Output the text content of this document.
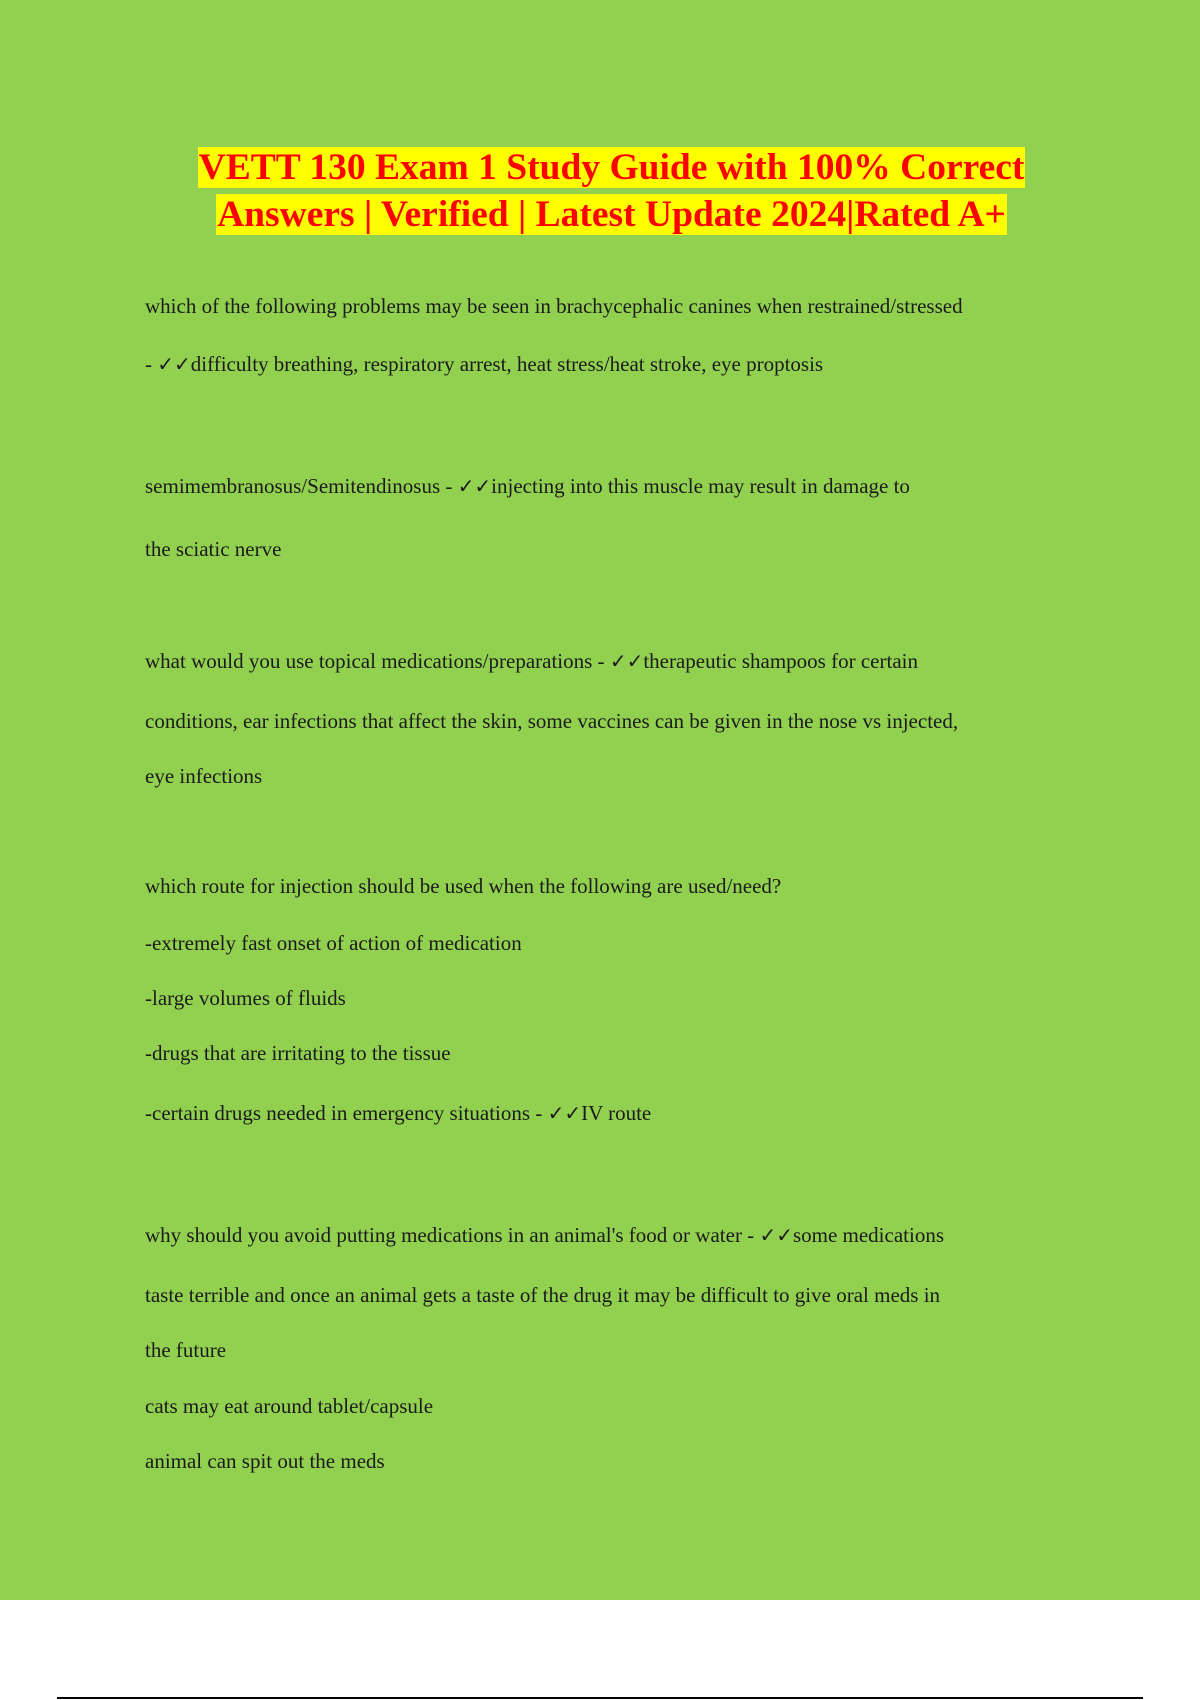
VETT 130 Exam 1 Study Guide with 100% Correct
Answers | Verified | Latest Update 2024|Rated A+
which of the following problems may be seen in brachycephalic canines when restrained/stressed
- ✓✓difficulty breathing, respiratory arrest, heat stress/heat stroke, eye proptosis
semimembranosus/Semitendinosus - ✓✓injecting into this muscle may result in damage to
the sciatic nerve
what would you use topical medications/preparations - ✓✓therapeutic shampoos for certain
conditions, ear infections that affect the skin, some vaccines can be given in the nose vs injected,
eye infections
which route for injection should be used when the following are used/need?
-extremely fast onset of action of medication
-large volumes of fluids
-drugs that are irritating to the tissue
-certain drugs needed in emergency situations - ✓✓IV route
why should you avoid putting medications in an animal's food or water - ✓✓some medications
taste terrible and once an animal gets a taste of the drug it may be difficult to give oral meds in
the future
cats may eat around tablet/capsule
animal can spit out the meds
